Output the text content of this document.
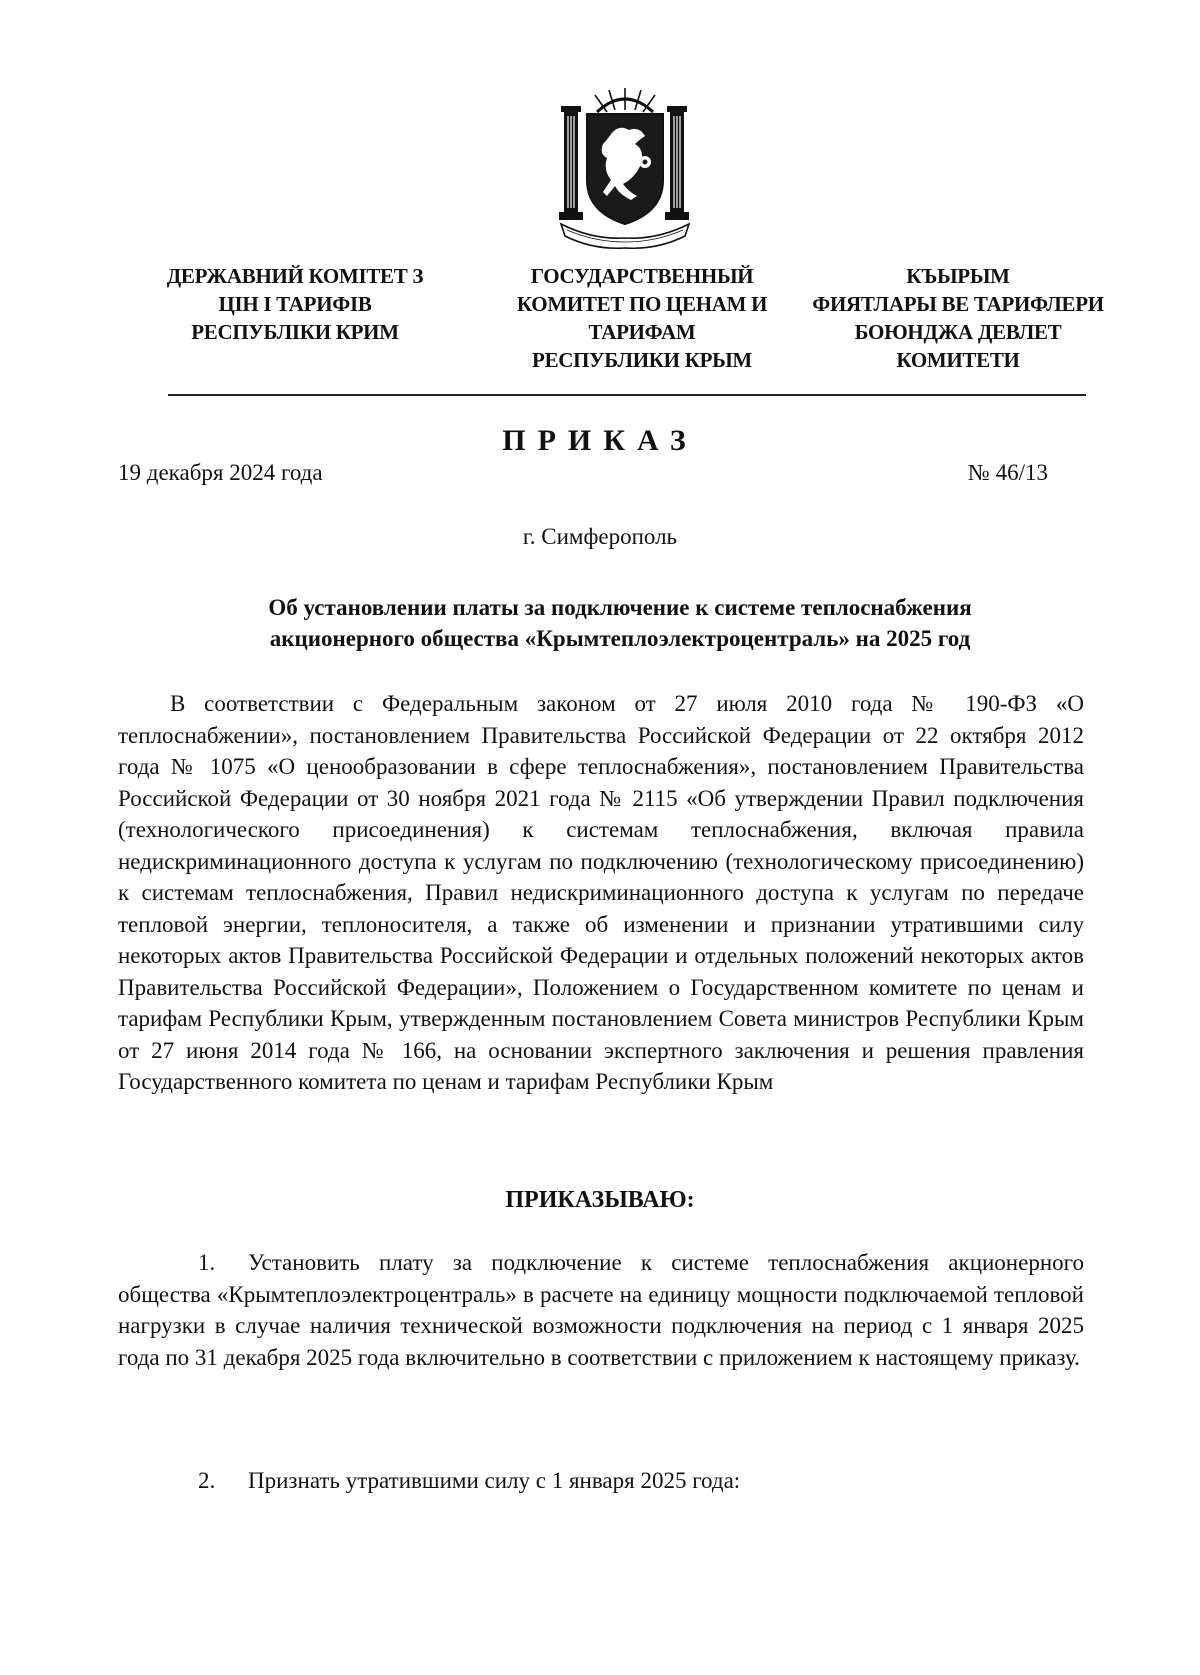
ДЕРЖАВНИЙ КОМІТЕТ З
ЦІН І ТАРИФІВ
РЕСПУБЛІКИ КРИМ
ГОСУДАРСТВЕННЫЙ
КОМИТЕТ ПО ЦЕНАМ И
ТАРИФАМ
РЕСПУБЛИКИ КРЫМ
КЪЫРЫМ
ФИЯТЛАРЫ ВЕ ТАРИФЛЕРИ
БОЮНДЖА ДЕВЛЕТ
КОМИТЕТИ
ПРИКАЗ
19 декабря 2024 года	№ 46/13
г. Симферополь
Об установлении платы за подключение к системе теплоснабжения
акционерного общества «Крымтеплоэлектроцентраль» на 2025 год

В соответствии с Федеральным законом от 27 июля 2010 года № 190-ФЗ «О теплоснабжении», постановлением Правительства Российской Федерации от 22 октября 2012 года № 1075 «О ценообразовании в сфере теплоснабжения», постановлением Правительства Российской Федерации от 30 ноября 2021 года № 2115 «Об утверждении Правил подключения (технологического присоединения) к системам теплоснабжения, включая правила недискриминационного доступа к услугам по подключению (технологическому присоединению) к системам теплоснабжения, Правил недискриминационного доступа к услугам по передаче тепловой энергии, теплоносителя, а также об изменении и признании утратившими силу некоторых актов Правительства Российской Федерации и отдельных положений некоторых актов Правительства Российской Федерации», Положением о Государственном комитете по ценам и тарифам Республики Крым, утвержденным постановлением Совета министров Республики Крым от 27 июня 2014 года № 166, на основании экспертного заключения и решения правления Государственного комитета по ценам и тарифам Республики Крым

ПРИКАЗЫВАЮ:

1. Установить плату за подключение к системе теплоснабжения акционерного общества «Крымтеплоэлектроцентраль» в расчете на единицу мощности подключаемой тепловой нагрузки в случае наличия технической возможности подключения на период с 1 января 2025 года по 31 декабря 2025 года включительно в соответствии с приложением к настоящему приказу.

2. Признать утратившими силу с 1 января 2025 года:
